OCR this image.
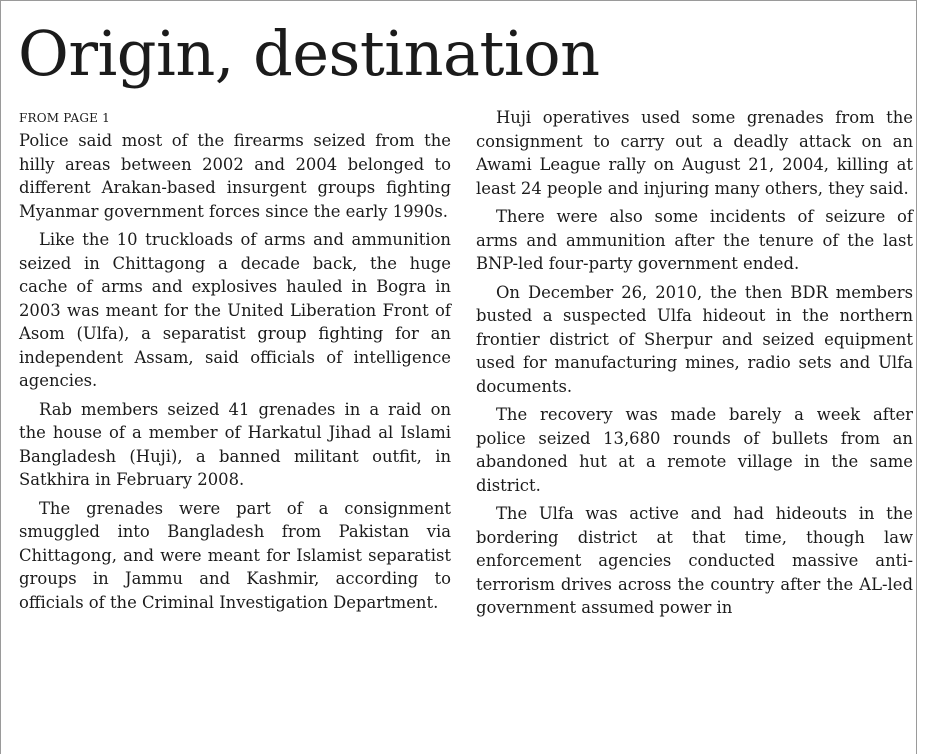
Origin, destination
FROM PAGE 1

Police said most of the firearms seized from the hilly areas between 2002 and 2004 belonged to different Arakan-based insurgent groups fighting Myanmar government forces since the early 1990s.

Like the 10 truckloads of arms and ammunition seized in Chittagong a decade back, the huge cache of arms and explosives hauled in Bogra in 2003 was meant for the United Liberation Front of Asom (Ulfa), a separatist group fighting for an independent Assam, said officials of intelligence agencies.

Rab members seized 41 grenades in a raid on the house of a member of Harkatul Jihad al Islami Bangladesh (Huji), a banned militant outfit, in Satkhira in February 2008.

The grenades were part of a consignment smuggled into Bangladesh from Pakistan via Chittagong, and were meant for Islamist separatist groups in Jammu and Kashmir, according to officials of the Criminal Investigation Department.

Huji operatives used some grenades from the consignment to carry out a deadly attack on an Awami League rally on August 21, 2004, killing at least 24 people and injuring many others, they said.

There were also some incidents of seizure of arms and ammunition after the tenure of the last BNP-led four-party government ended.

On December 26, 2010, the then BDR members busted a suspected Ulfa hideout in the northern frontier district of Sherpur and seized equipment used for manufacturing mines, radio sets and Ulfa documents.

The recovery was made barely a week after police seized 13,680 rounds of bullets from an abandoned hut at a remote village in the same district.

The Ulfa was active and had hideouts in the bordering district at that time, though law enforcement agencies conducted massive anti-terrorism drives across the country after the AL-led government assumed power in
